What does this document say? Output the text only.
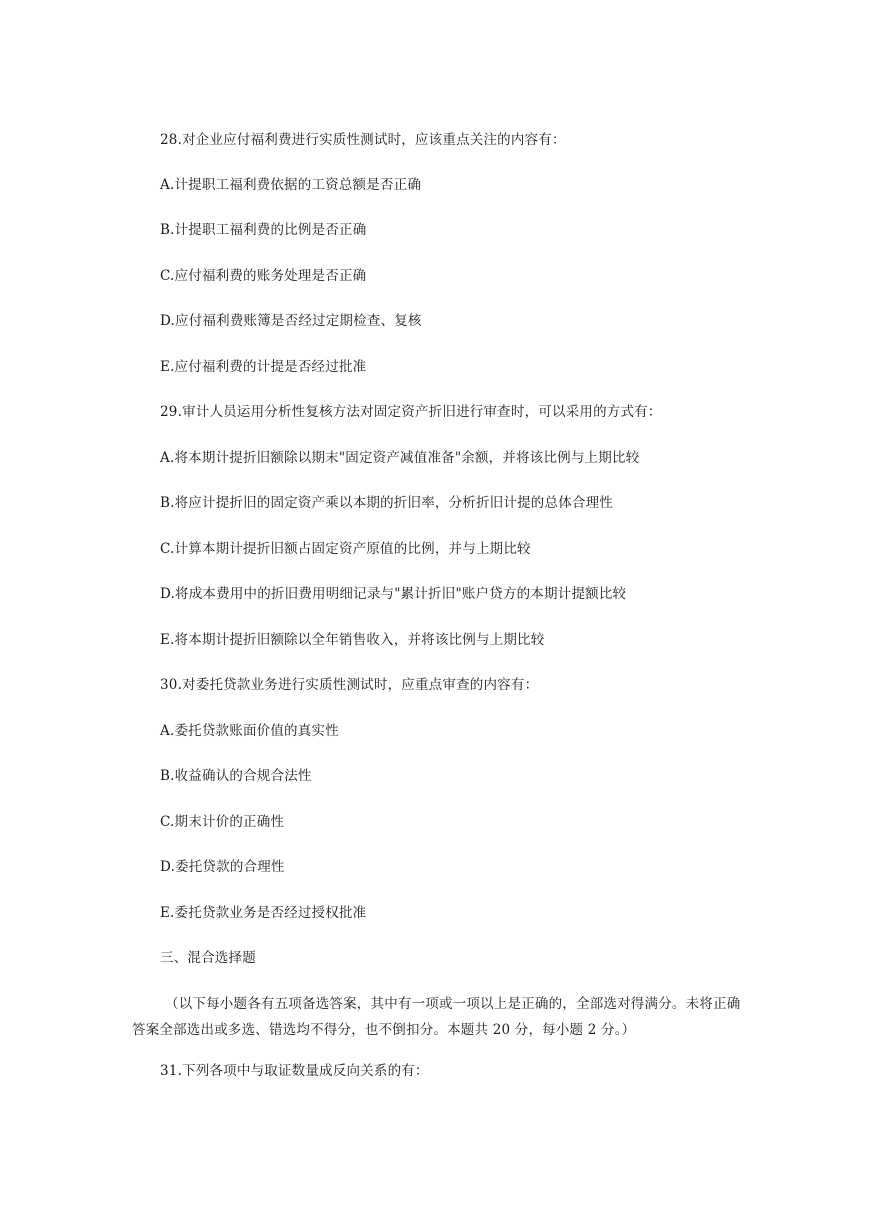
28.对企业应付福利费进行实质性测试时，应该重点关注的内容有：
A.计提职工福利费依据的工资总额是否正确
B.计提职工福利费的比例是否正确
C.应付福利费的账务处理是否正确
D.应付福利费账簿是否经过定期检查、复核
E.应付福利费的计提是否经过批准
29.审计人员运用分析性复核方法对固定资产折旧进行审查时，可以采用的方式有：
A.将本期计提折旧额除以期末"固定资产减值准备"余额，并将该比例与上期比较
B.将应计提折旧的固定资产乘以本期的折旧率，分析折旧计提的总体合理性
C.计算本期计提折旧额占固定资产原值的比例，并与上期比较
D.将成本费用中的折旧费用明细记录与"累计折旧"账户贷方的本期计提额比较
E.将本期计提折旧额除以全年销售收入，并将该比例与上期比较
30.对委托贷款业务进行实质性测试时，应重点审查的内容有：
A.委托贷款账面价值的真实性
B.收益确认的合规合法性
C.期末计价的正确性
D.委托贷款的合理性
E.委托贷款业务是否经过授权批准
三、混合选择题
（以下每小题各有五项备选答案，其中有一项或一项以上是正确的，全部选对得满分。未将正确答案全部选出或多选、错选均不得分，也不倒扣分。本题共 20 分，每小题 2 分。）
31.下列各项中与取证数量成反向关系的有：
